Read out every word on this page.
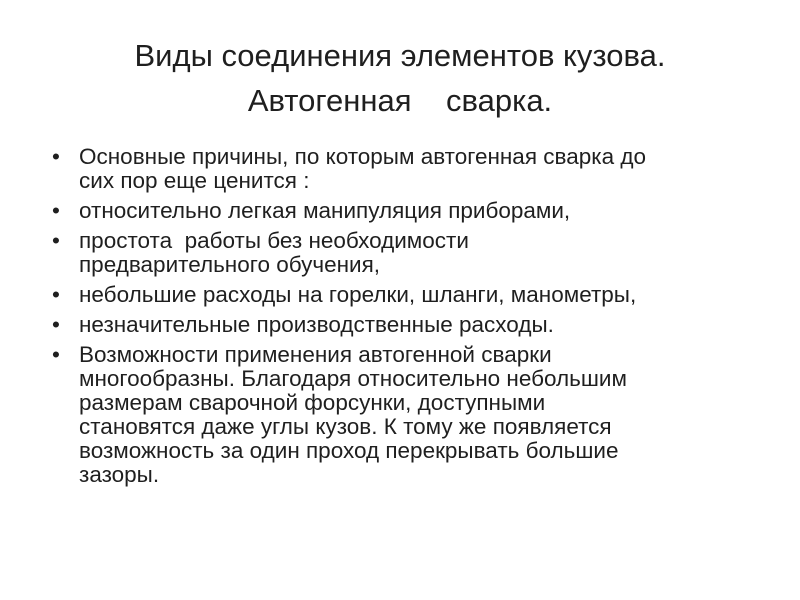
Виды соединения элементов кузова.
Автогенная    сварка.
• Основные причины, по которым автогенная сварка до
сих пор еще ценится :
• относительно легкая манипуляция приборами,
• простота  работы без необходимости
предварительного обучения,
• небольшие расходы на горелки, шланги, манометры,
• незначительные производственные расходы.
• Возможности применения автогенной сварки
многообразны. Благодаря относительно небольшим
размерам сварочной форсунки, доступными
становятся даже углы кузов. К тому же появляется
возможность за один проход перекрывать большие
зазоры.
